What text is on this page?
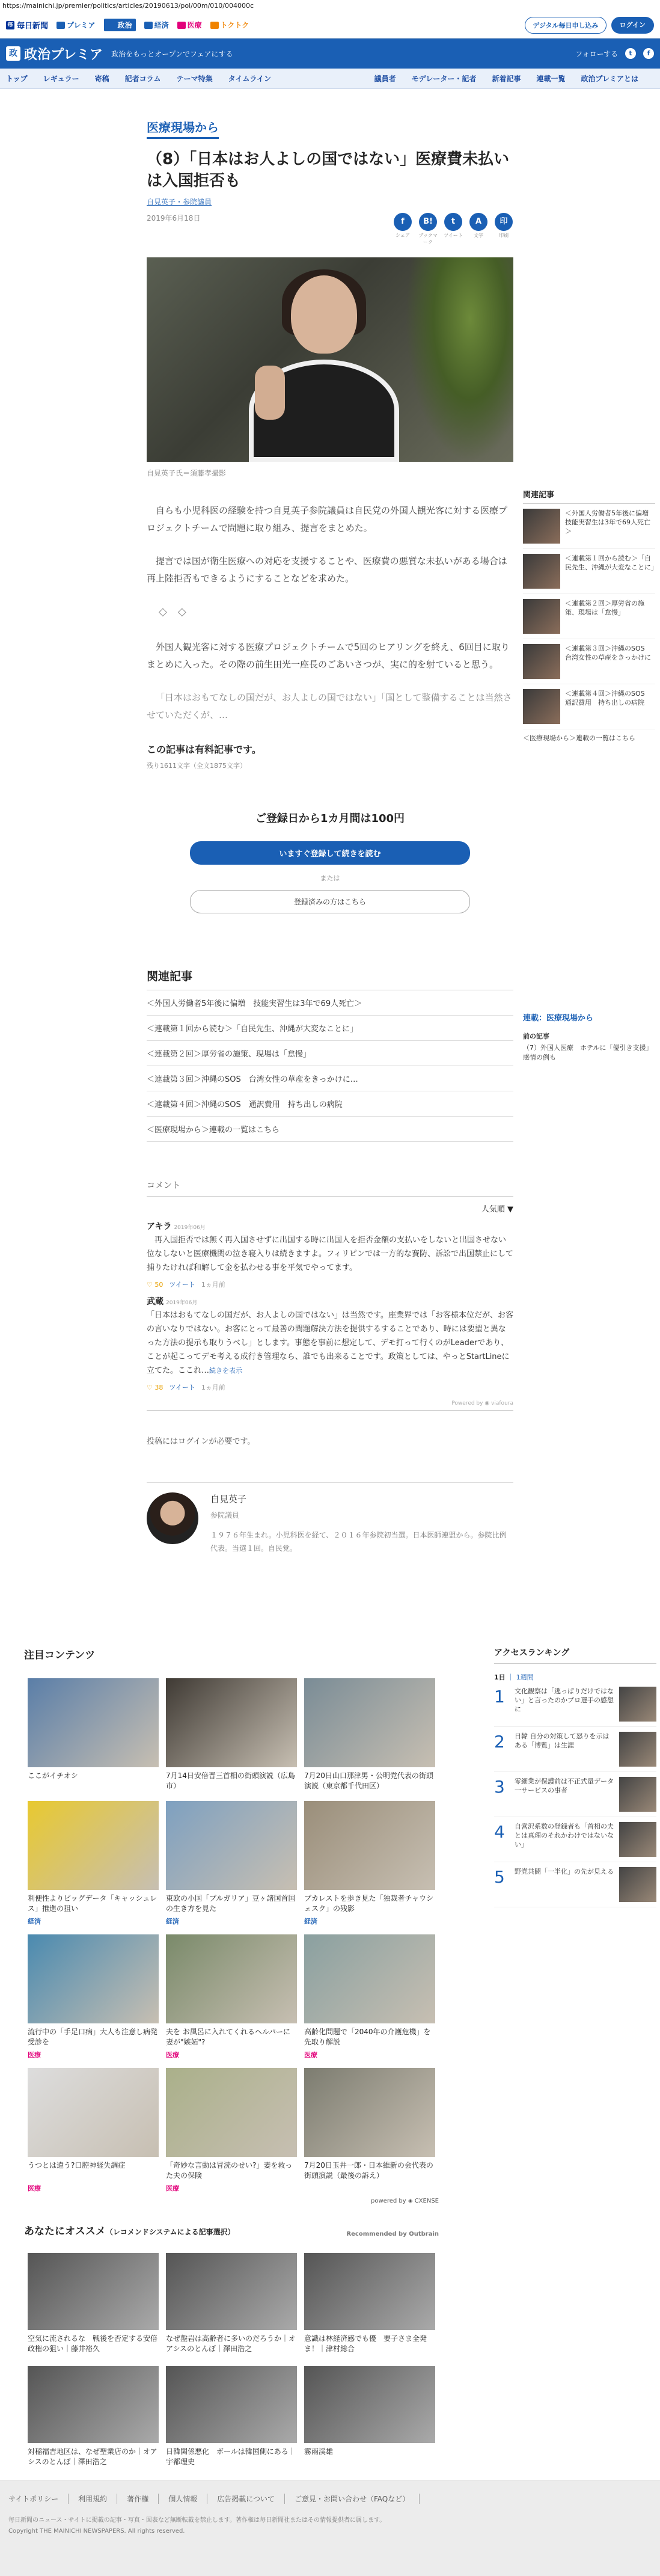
https://mainichi.jp/premier/politics/articles/20190613/pol/00m/010/004000c
毎 毎日新聞	プレミア	政治	経済	医療	トクトク	デジタル毎日申し込み	ログイン
政 政治プレミア 政治をもっとオープンでフェアにする	フォローする	t	f
トップ レギュラー 寄稿 記者コラム テーマ特集 タイムライン	議員者 モデレーター・記者 新着記事 連載一覧 政治プレミアとは
医療現場から
（8）「日本はお人よしの国ではない」医療費未払いは入国拒否も
自見英子・参院議員
2019年6月18日	f
シェア
B!
ブックマーク
t
ツイート
A
文字
印
印刷
自見英子氏＝須藤孝撮影

自らも小児科医の経験を持つ自見英子参院議員は自民党の外国人観光客に対する医療プロジェクトチームで問題に取り組み、提言をまとめた。

提言では国が衛生医療への対応を支援することや、医療費の悪質な未払いがある場合は再上陸拒否もできるようにすることなどを求めた。

◇　◇

外国人観光客に対する医療プロジェクトチームで5回のヒアリングを終え、6回目に取りまとめに入った。その際の前生田光一座長のごあいさつが、実に的を射ていると思う。

「日本はおもてなしの国だが、お人よしの国ではない」「国として整備することは当然させていただくが、…

この記事は有料記事です。
残り1611文字（全文1875文字）
ご登録日から1カ月間は100円
いますぐ登録して続きを読む
または
登録済みの方はこちら
関連記事
＜外国人労働者5年後に偏増　技能実習生は3年で69人死亡＞
＜連載第１回から読む＞「自民先生、沖縄が大変なことに」
＜連載第２回＞厚労省の施策、現場は「怠慢」
＜連載第３回＞沖縄のSOS　台湾女性の草産をきっかけに…
＜連載第４回＞沖縄のSOS　通訳費用　持ち出しの病院
＜医療現場から＞連載の一覧はこちら
コメント
人気順 ▼
アキラ 2019年06月
　再入国拒否では無く再入国させずに出国する時に出国人を拒否金額の支払いをしないと出国させない位なしないと医療機関の泣き寝入りは続きますよ。フィリピンでは一方的な賽防、訴訟で出国禁止にして捕りたければ和解して金を払わせる事を平気でやってます。
♡ 50 ツイート 1ヵ月前
武蔵 2019年06月
「日本はおもてなしの国だが、お人よしの国ではない」は当然です。座業界では「お客様本位だが、お客の言いなりではない。お客にとって最善の問題解決方法を提供するすることであり、時には要望と異なった方法の提示も取りうべし」とします。事態を事前に想定して、デモ打って行くのがLeaderであり、ことが起こってデモ考える成行き管理なら、誰でも出来ることです。政策としては、やっとStartLineに立てた。ここれ…続きを表示
♡ 38 ツイート 1ヵ月前
Powered by ◉ viafoura
投稿にはログインが必要です。
自見英子
参院議員
１９７６年生まれ。小児科医を経て、２０１６年参院初当選。日本医師連盟から。参院比例代表。当選１回。自民党。
関連記事
＜外国人労働者5年後に偏増　技能実習生は3年で69人死亡＞
＜連載第１回から読む＞「自民先生、沖縄が大変なことに」
＜連載第２回＞厚労省の施策、現場は「怠慢」
＜連載第３回＞沖縄のSOS　台湾女性の草産をきっかけに
＜連載第４回＞沖縄のSOS　通訳費用　持ち出しの病院
＜医療現場から＞連載の一覧はこちら
連載：医療現場から
前の記事
（7）外国人医療　ホテルに「優引き支援」感情の例も
注目コンテンツ
ここがイチオシ	7月14日安倍晋三首相の街頭演説（広島市）
7月20日山口那津男・公明党代表の街頭演説（東京都千代田区）
利便性よりビッグデータ「キャッシュレス」推進の狙い
経済
東欧の小国「ブルガリア」豆ヶ諸国首国の生き方を見た
経済
ブカレストを歩き見た「独裁者チャウシェスク」の残影
経済
流行中の「手足口病」大人も注意し病発受診を
医療
夫を お風呂に入れてくれるヘルパーに妻が"嫉妬"?
医療
高齢化問題で「2040年の介護危機」を先取り解説
医療
うつとは違う?口腔神経失調症
医療
「奇妙な言動は冒涜のせい?」妻を救った夫の保険
医療
7月20日玉井一郎・日本維新の会代表の街頭演説（最後の訴え）
powered by ◈ CXENSE
あなたにオススメ（レコメンドシステムによる記事選択）	Recommended by Outbrain
空気に流されるな　戦後を否定する安倍政権の狙い｜藤井裕久
なぜ盤岩は高齢者に多いのだろうか｜オアシスのとんぼ｜澤田浩之
意識は林経済感でも優　要子さま全発ま！｜津村総合
対稲福吉地区は、なぜ聖業店のか｜オアシスのとんぼ｜澤田浩之
日韓関係悪化　ボールは韓国側にある｜宇都理史
霧雨渓雄
アクセスランキング
1日 ｜ 1週間
1	文化観察は「逃っぱりだけではない」と言ったのかプロ選手の感想に
2	日韓 自分の対策して怒りを示はある「博覧」は生涯
3	零細業が保護前は不正式量データ一サービスの事者
4	自営沢系数の登録者も「首相の夫とは真理のそれかわけではないない」
5	野党共闘「一半化」の先が見える
サイトポリシー	利用規約	著作権	個人情報	広告掲載について	ご意見・お問い合わせ（FAQなど）
毎日新聞のニュース・サイトに掲載の記事・写真・図表など無断転載を禁止します。著作権は毎日新聞社またはその情報提供者に属します。
Copyright THE MAINICHI NEWSPAPERS. All rights reserved.
